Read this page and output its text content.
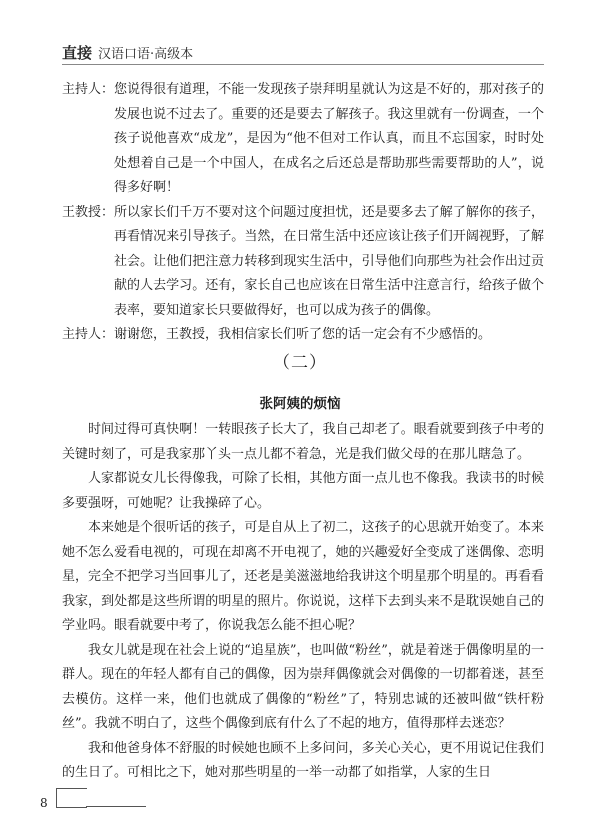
直接 汉语口语·高级本
主持人： 您说得很有道理，不能一发现孩子崇拜明星就认为这是不好的，那对孩子的发展也说不过去了。重要的还是要去了解孩子。我这里就有一份调查，一个孩子说他喜欢“成龙”，是因为“他不但对工作认真，而且不忘国家，时时处处想着自己是一个中国人，在成名之后还总是帮助那些需要帮助的人”，说得多好啊！
王教授： 所以家长们千万不要对这个问题过度担忧，还是要多去了解了解你的孩子，再看情况来引导孩子。当然，在日常生活中还应该让孩子们开阔视野，了解社会。让他们把注意力转移到现实生活中，引导他们向那些为社会作出过贡献的人去学习。还有，家长自己也应该在日常生活中注意言行，给孩子做个表率，要知道家长只要做得好，也可以成为孩子的偶像。
主持人： 谢谢您，王教授，我相信家长们听了您的话一定会有不少感悟的。
（二）
张阿姨的烦恼

时间过得可真快啊！一转眼孩子长大了，我自己却老了。眼看就要到孩子中考的关键时刻了，可是我家那丫头一点儿都不着急，光是我们做父母的在那儿瞎急了。

人家都说女儿长得像我，可除了长相，其他方面一点儿也不像我。我读书的时候多要强呀，可她呢？让我操碎了心。

本来她是个很听话的孩子，可是自从上了初二，这孩子的心思就开始变了。本来她不怎么爱看电视的，可现在却离不开电视了，她的兴趣爱好全变成了迷偶像、恋明星，完全不把学习当回事儿了，还老是美滋滋地给我讲这个明星那个明星的。再看看我家，到处都是这些所谓的明星的照片。你说说，这样下去到头来不是耽误她自己的学业吗。眼看就要中考了，你说我怎么能不担心呢？

我女儿就是现在社会上说的“追星族”，也叫做“粉丝”，就是着迷于偶像明星的一群人。现在的年轻人都有自己的偶像，因为崇拜偶像就会对偶像的一切都着迷，甚至去模仿。这样一来，他们也就成了偶像的“粉丝”了，特别忠诚的还被叫做“铁杆粉丝”。我就不明白了，这些个偶像到底有什么了不起的地方，值得那样去迷恋？

我和他爸身体不舒服的时候她也顾不上多问问，多关心关心，更不用说记住我们的生日了。可相比之下，她对那些明星的一举一动都了如指掌，人家的生日

8
